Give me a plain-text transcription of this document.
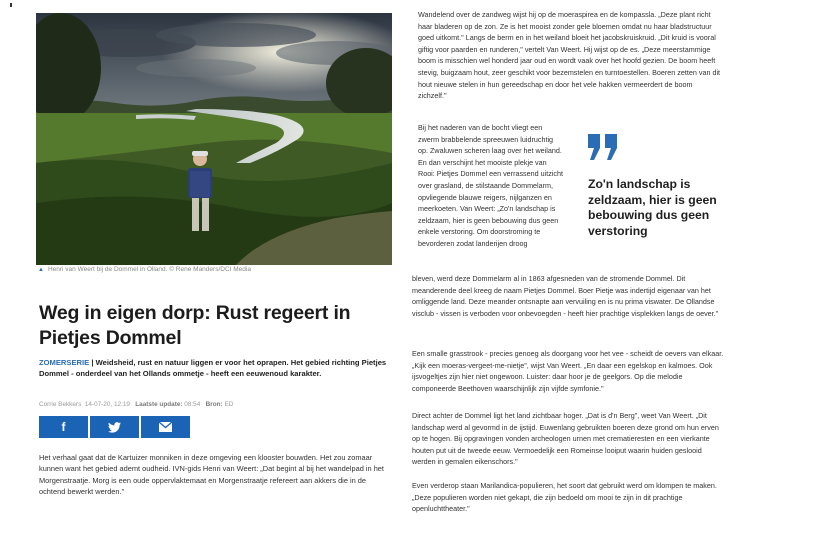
▲ Henri van Weert bij de Dommel in Olland. © Rene Manders/DCI Media
Weg in eigen dorp: Rust regeert in Pietjes Dommel
ZOMERSERIE | Weidsheid, rust en natuur liggen er voor het oprapen. Het gebied richting Pietjes Dommel - onderdeel van het Ollands ommetje - heeft een eeuwenoud karakter.
Corrie Bekkers 14-07-20, 12:19 Laatste update: 08:54 Bron: ED
f
Het verhaal gaat dat de Kartuizer monniken in deze omgeving een klooster bouwden. Het zou zomaar kunnen want het gebied ademt oudheid. IVN-gids Henri van Weert: „Dat begint al bij het wandelpad in het Morgenstraatje. Morg is een oude oppervlaktemaat en Morgenstraatje refereert aan akkers die in de ochtend bewerkt werden."
Wandelend over de zandweg wijst hij op de moeraspirea en de kompassla. „Deze plant richt haar bladeren op de zon. Ze is het mooist zonder gele bloemen omdat nu haar bladstructuur goed uitkomt." Langs de berm en in het weiland bloeit het jacobskruiskruid. „Dit kruid is vooral giftig voor paarden en runderen," vertelt Van Weert. Hij wijst op de es. „Deze meerstammige boom is misschien wel honderd jaar oud en wordt vaak over het hoofd gezien. De boom heeft stevig, buigzaam hout, zeer geschikt voor bezemstelen en turntoestellen. Boeren zetten van dit hout nieuwe stelen in hun gereedschap en door het vele hakken vermeerdert de boom zichzelf."
Bij het naderen van de bocht vliegt een zwerm brabbelende spreeuwen luidruchtig op. Zwaluwen scheren laag over het weiland. En dan verschijnt het mooiste plekje van Rooi: Pietjes Dommel een verrassend uitzicht over grasland, de stilstaande Dommelarm, opvliegende blauwe reigers, nijlganzen en meerkoeten. Van Weert: „Zo'n landschap is zeldzaam, hier is geen bebouwing dus geen enkele verstoring. Om doorstroming te bevorderen zodat landerijen droog
Zo'n landschap is zeldzaam, hier is geen bebouwing dus geen verstoring
bleven, werd deze Dommelarm al in 1863 afgesneden van de stromende Dommel. Dit meanderende deel kreeg de naam Pietjes Dommel. Boer Pietje was indertijd eigenaar van het omliggende land. Deze meander ontsnapte aan vervuiling en is nu prima viswater. De Ollandse visclub - vissen is verboden voor onbevoegden - heeft hier prachtige visplekken langs de oever."
Een smalle grasstrook - precies genoeg als doorgang voor het vee - scheidt de oevers van elkaar. „Kijk een moeras-vergeet-me-nietje", wijst Van Weert. „En daar een egelskop en kalmoes. Ook ijsvogeltjes zijn hier niet ongewoon. Luister: daar hoor je de geelgors. Op die melodie componeerde Beethoven waarschijnlijk zijn vijfde symfonie."
Direct achter de Dommel ligt het land zichtbaar hoger. „Dat is d'n Berg", weet Van Weert. „Dit landschap werd al gevormd in de ijstijd. Euwenlang gebruikten boeren deze grond om hun erven op te hogen. Bij opgravingen vonden archeologen urnen met crematieresten en een vierkante houten put uit de tweede eeuw. Vermoedelijk een Romeinse looiput waarin huiden geslooid werden in gemalen eikenschors."
Even verderop staan Marilandica-populieren, het soort dat gebruikt werd om klompen te maken. „Deze populieren worden niet gekapt, die zijn bedoeld om mooi te zijn in dit prachtige openluchttheater."
